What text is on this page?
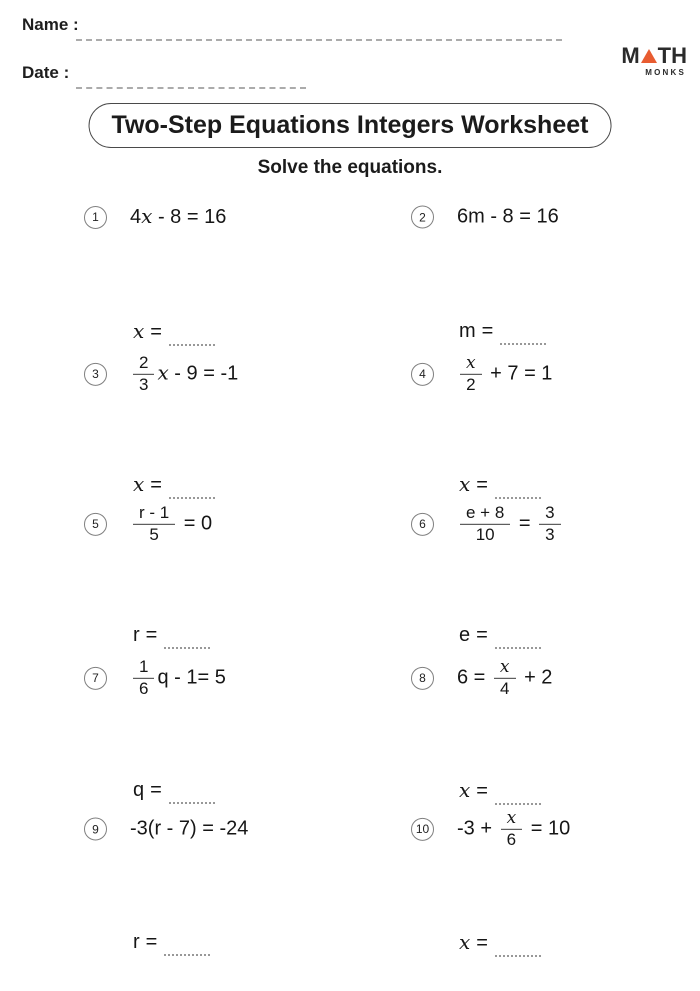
Name :
Date :
M TH
MONKS
Two-Step Equations Integers Worksheet
Solve the equations.
1	4x - 8 = 16
x =
2	6m - 8 = 16
m =
3	$\frac{2}{3}$ x - 9 = -1
x =
4	$\frac{x}{2} + 7 = 1$
x =
5	$\frac{r - 1}{5} = 0$
r =
6	$\frac{e + 8}{10} = \frac{3}{3}$
e =
7	$\frac{1}{6}$ q - 1= 5
q =
8	$6 = \frac{x}{4} + 2$
x =
9	-3(r - 7) = -24
r =
10 $-3 + \frac{x}{6} = 10$
x =
